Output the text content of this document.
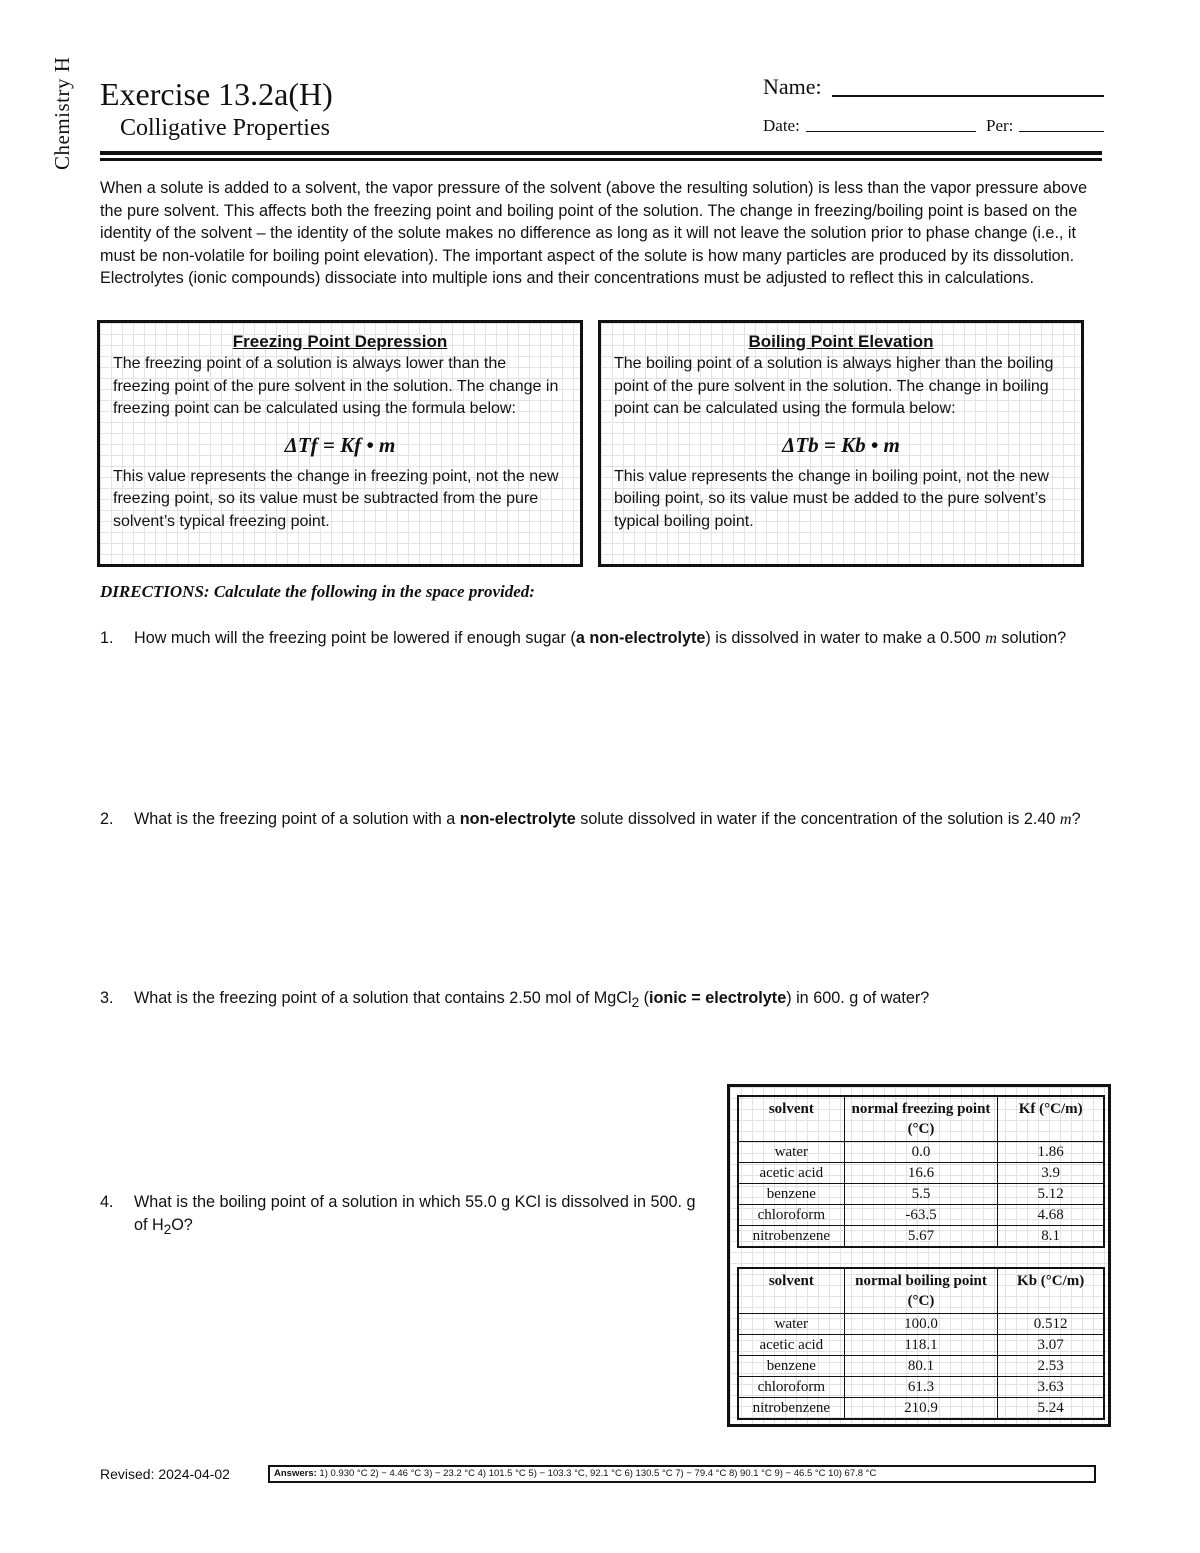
Chemistry H Exercise 13.2a(H)
Colligative Properties
Name:
Date:	Per:
When a solute is added to a solvent, the vapor pressure of the solvent (above the resulting solution) is less than the vapor pressure above the pure solvent. This affects both the freezing point and boiling point of the solution. The change in freezing/boiling point is based on the identity of the solvent – the identity of the solute makes no difference as long as it will not leave the solution prior to phase change (i.e., it must be non-volatile for boiling point elevation). The important aspect of the solute is how many particles are produced by its dissolution. Electrolytes (ionic compounds) dissociate into multiple ions and their concentrations must be adjusted to reflect this in calculations.
Freezing Point Depression

The freezing point of a solution is always lower than the freezing point of the pure solvent in the solution. The change in freezing point can be calculated using the formula below:

ΔTf = Kf • m

This value represents the change in freezing point, not the new freezing point, so its value must be subtracted from the pure solvent’s typical freezing point.

Boiling Point Elevation

The boiling point of a solution is always higher than the boiling point of the pure solvent in the solution. The change in boiling point can be calculated using the formula below:

ΔTb = Kb • m

This value represents the change in boiling point, not the new boiling point, so its value must be added to the pure solvent’s typical boiling point.

DIRECTIONS: Calculate the following in the space provided:
1. How much will the freezing point be lowered if enough sugar (a non-electrolyte) is dissolved in water to make a 0.500 m solution?
2. What is the freezing point of a solution with a non-electrolyte solute dissolved in water if the concentration of the solution is 2.40 m?
3. What is the freezing point of a solution that contains 2.50 mol of MgCl$_2$ (ionic = electrolyte) in 600. g of water?
4. What is the boiling point of a solution in which 55.0 g KCl is dissolved in 500. g of $H_2O$?
solvent	normal freezing point (°C)	Kf (°C/m)
water	0.0	1.86
acetic acid	16.6	3.9
benzene	5.5	5.12
chloroform	-63.5	4.68
nitrobenzene	5.67	8.1
solvent	normal boiling point (°C)	Kb (°C/m)
water	100.0	0.512
acetic acid	118.1	3.07
benzene	80.1	2.53
chloroform	61.3	3.63
nitrobenzene	210.9	5.24
Revised: 2024-04-02	Answers: 1) 0.930 °C 2) − 4.46 °C 3) − 23.2 °C 4) 101.5 °C 5) − 103.3 °C, 92.1 °C 6) 130.5 °C 7) − 79.4 °C 8) 90.1 °C 9) − 46.5 °C 10) 67.8 °C
